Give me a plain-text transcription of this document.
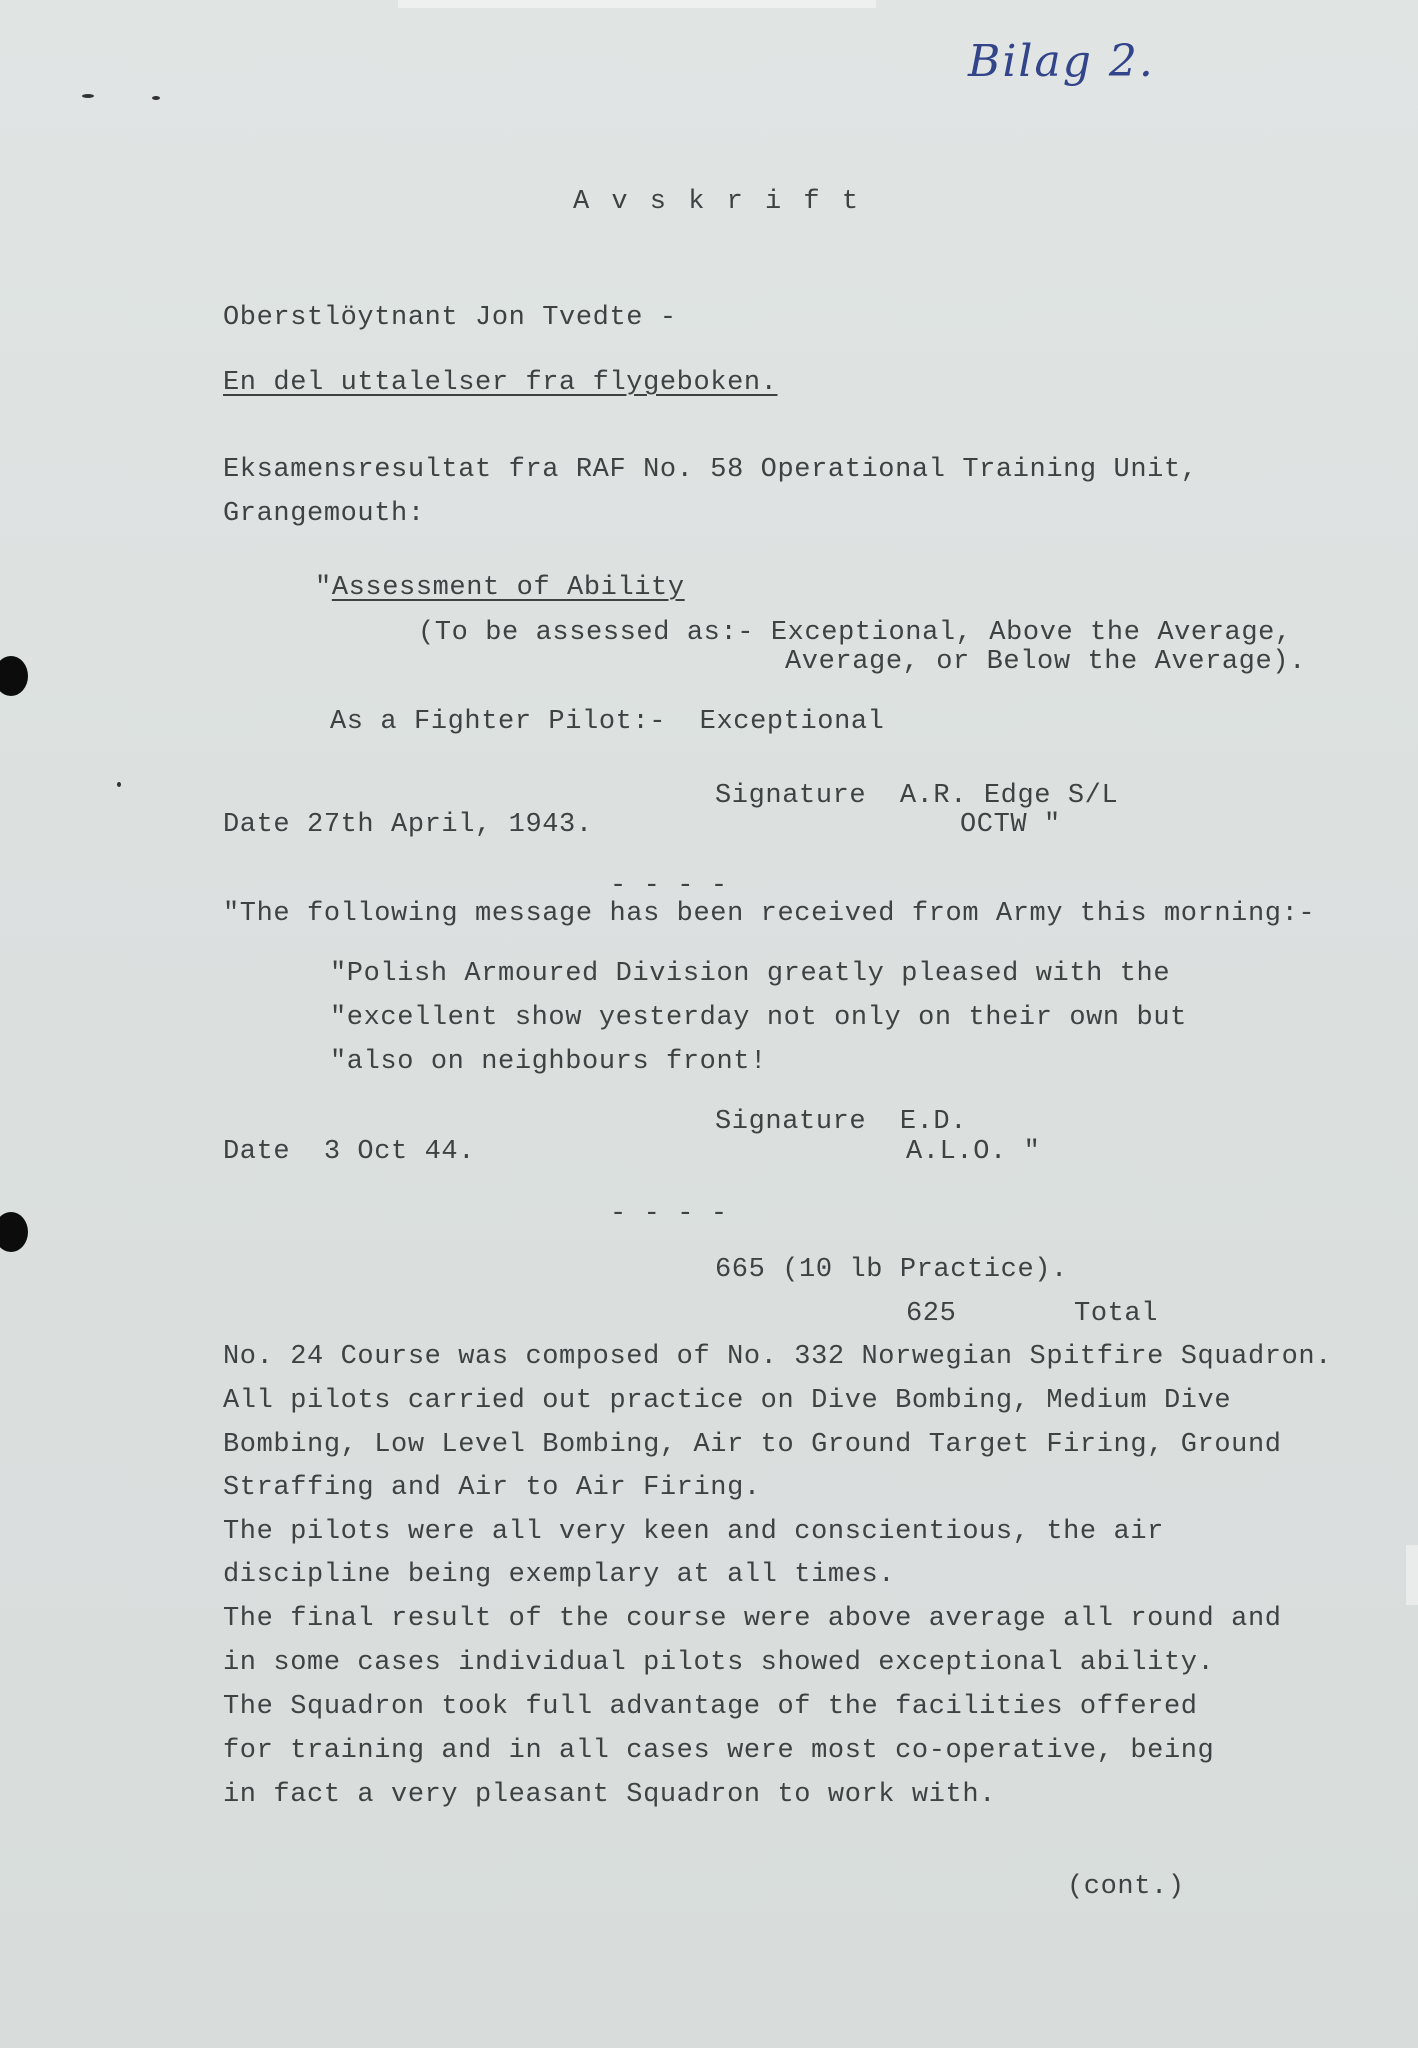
Bilag 2.
A v s k r i f t
Oberstlöytnant Jon Tvedte -
En del uttalelser fra flygeboken.
Eksamensresultat fra RAF No. 58 Operational Training Unit,
Grangemouth:
"Assessment of Ability
(To be assessed as:- Exceptional, Above the Average,
Average, or Below the Average).
As a Fighter Pilot:-  Exceptional
Signature  A.R. Edge S/L
Date 27th April, 1943.	OCTW "
- - - -
"The following message has been received from Army this morning:-
"Polish Armoured Division greatly pleased with the
"excellent show yesterday not only on their own but
"also on neighbours front!
Signature  E.D.
Date  3 Oct 44.	A.L.O. "
- - - -
665 (10 lb Practice).
625       Total
No. 24 Course was composed of No. 332 Norwegian Spitfire Squadron.
All pilots carried out practice on Dive Bombing, Medium Dive
Bombing, Low Level Bombing, Air to Ground Target Firing, Ground
Straffing and Air to Air Firing.
The pilots were all very keen and conscientious, the air
discipline being exemplary at all times.
The final result of the course were above average all round and
in some cases individual pilots showed exceptional ability.
The Squadron took full advantage of the facilities offered
for training and in all cases were most co-operative, being
in fact a very pleasant Squadron to work with.
(cont.)
